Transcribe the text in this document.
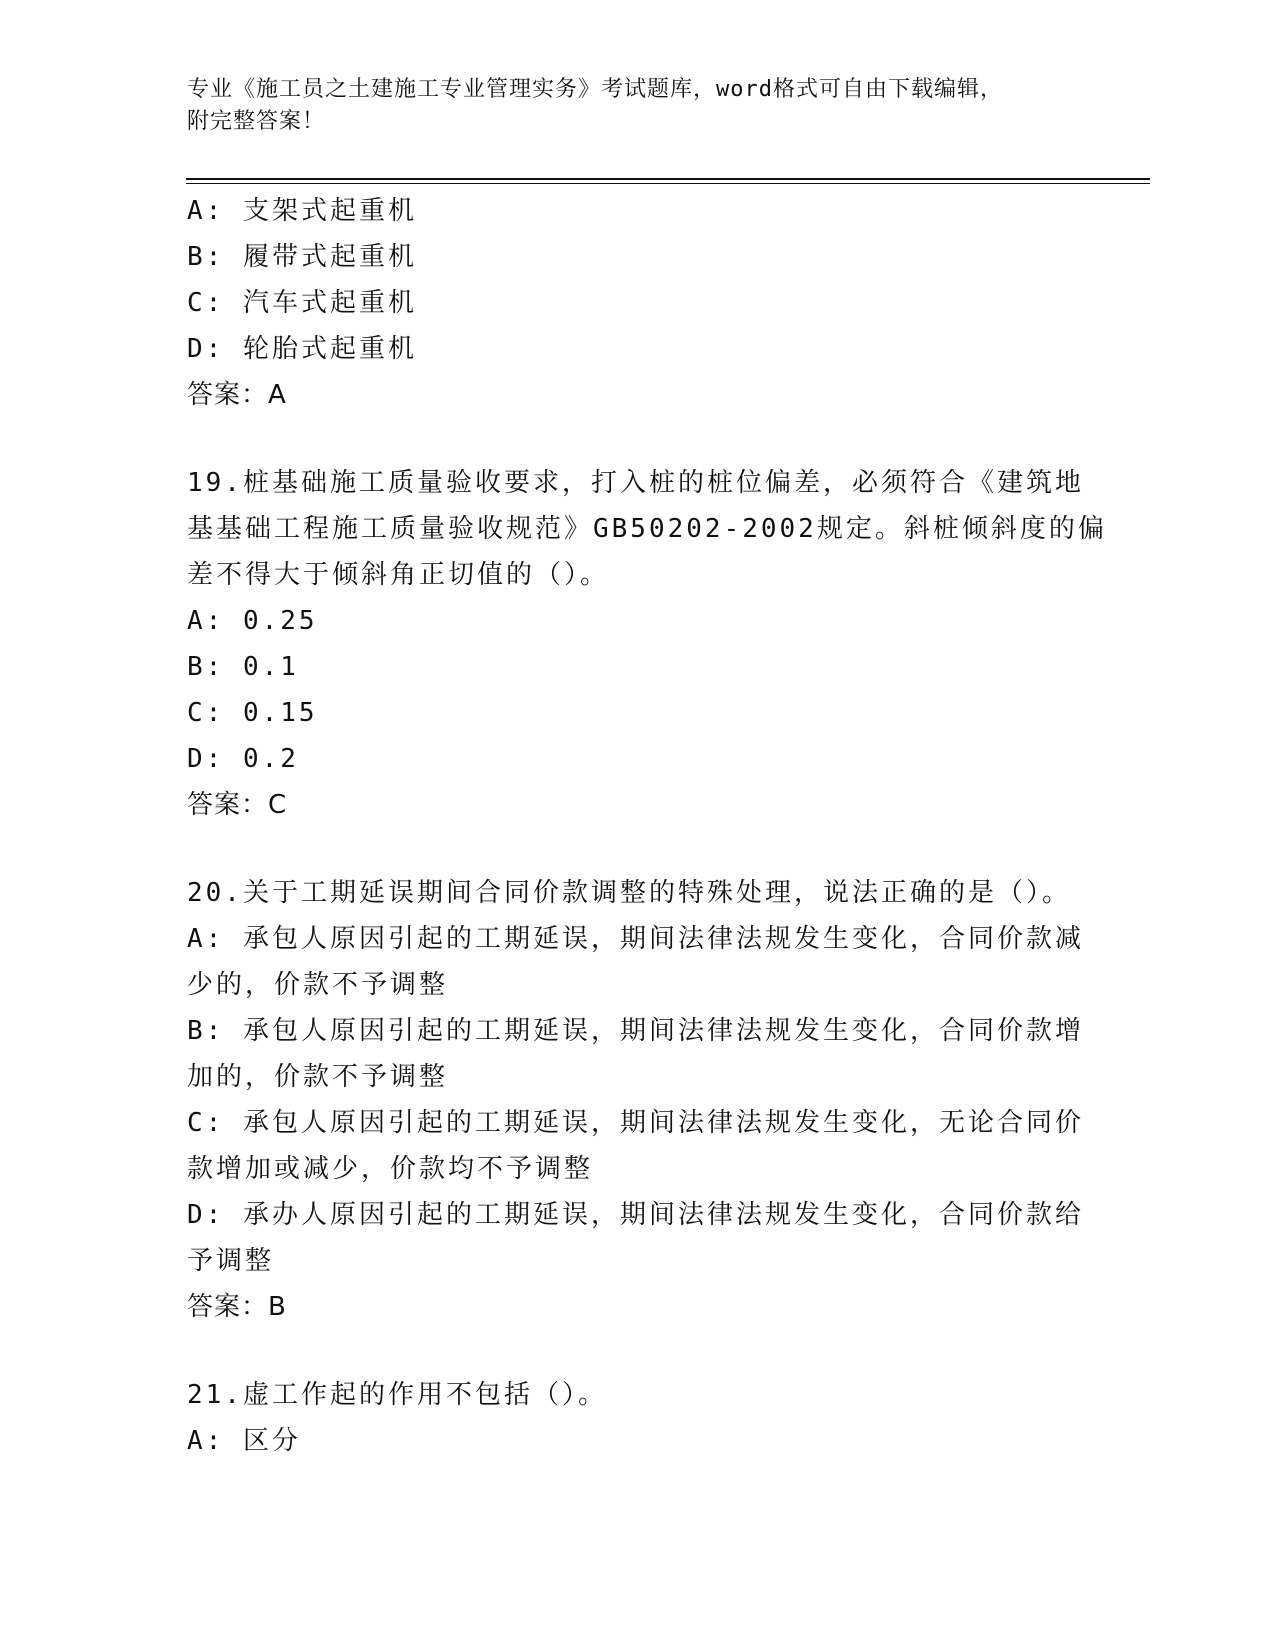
专业《施工员之土建施工专业管理实务》考试题库，word格式可自由下载编辑，
附完整答案！
A: 支架式起重机
B: 履带式起重机
C: 汽车式起重机
D: 轮胎式起重机
答案：A
19.桩基础施工质量验收要求，打入桩的桩位偏差，必须符合《建筑地
基基础工程施工质量验收规范》GB50202-2002规定。斜桩倾斜度的偏
差不得大于倾斜角正切值的（）。
A: 0.25
B: 0.1
C: 0.15
D: 0.2
答案：C
20.关于工期延误期间合同价款调整的特殊处理，说法正确的是（）。
A: 承包人原因引起的工期延误，期间法律法规发生变化，合同价款减
少的，价款不予调整
B: 承包人原因引起的工期延误，期间法律法规发生变化，合同价款增
加的，价款不予调整
C: 承包人原因引起的工期延误，期间法律法规发生变化，无论合同价
款增加或减少，价款均不予调整
D: 承办人原因引起的工期延误，期间法律法规发生变化，合同价款给
予调整
答案：B
21.虚工作起的作用不包括（）。
A: 区分
